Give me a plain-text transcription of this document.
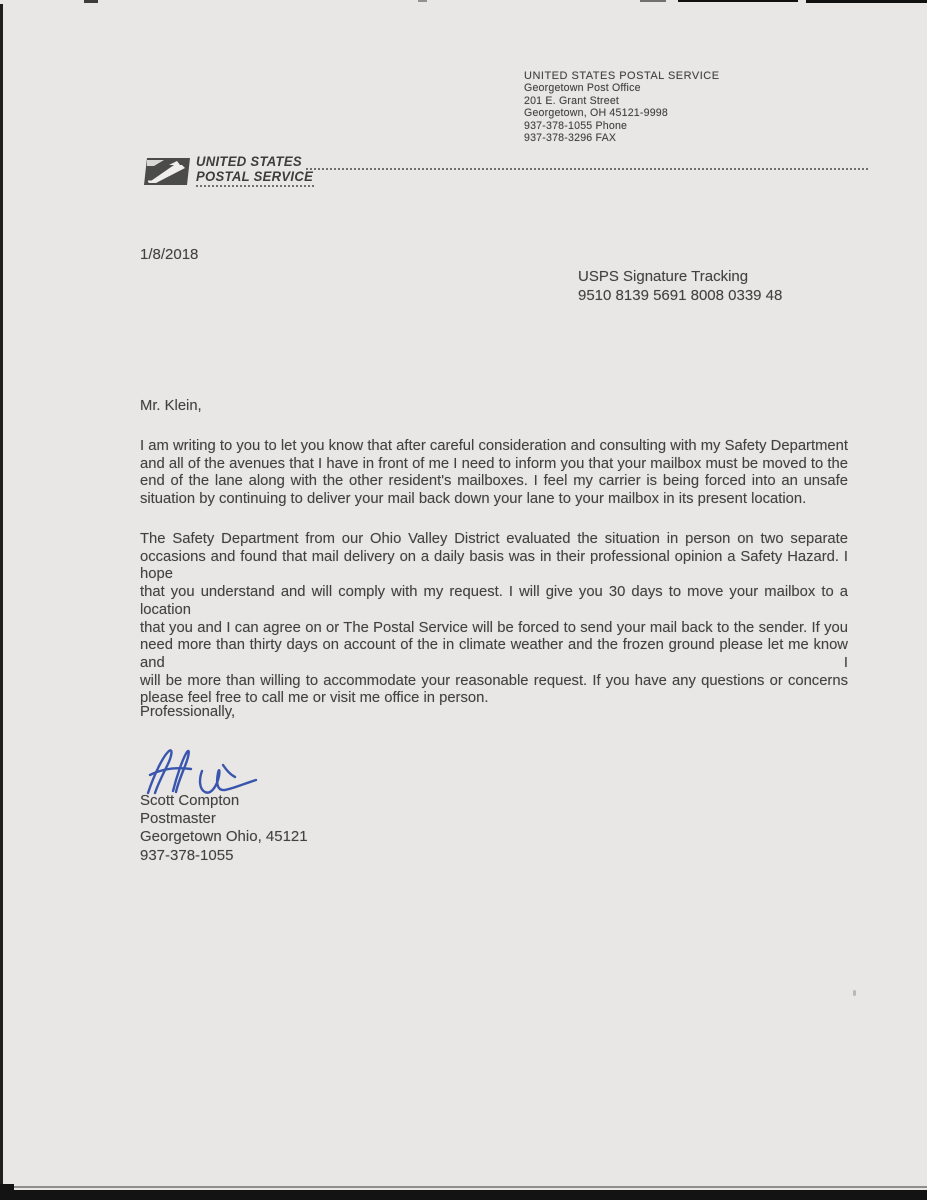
UNITED STATES POSTAL SERVICE
Georgetown Post Office
201 E. Grant Street
Georgetown, OH 45121-9998
937-378-1055 Phone
937-378-3296 FAX
UNITED STATES
POSTAL SERVICE
1/8/2018
USPS Signature Tracking
9510 8139 5691 8008 0339 48
Mr. Klein,
I am writing to you to let you know that after careful consideration and consulting with my Safety Department
and all of the avenues that I have in front of me I need to inform you that your mailbox must be moved to the
end of the lane along with the other resident's mailboxes. I feel my carrier is being forced into an unsafe
situation by continuing to deliver your mail back down your lane to your mailbox in its present location.
The Safety Department from our Ohio Valley District evaluated the situation in person on two separate
occasions and found that mail delivery on a daily basis was in their professional opinion a Safety Hazard. I hope
that you understand and will comply with my request. I will give you 30 days to move your mailbox to a location
that you and I can agree on or The Postal Service will be forced to send your mail back to the sender. If you
need more than thirty days on account of the in climate weather and the frozen ground please let me know and I
will be more than willing to accommodate your reasonable request. If you have any questions or concerns
please feel free to call me or visit me office in person.
Professionally,
Scott Compton
Postmaster
Georgetown Ohio, 45121
937-378-1055
